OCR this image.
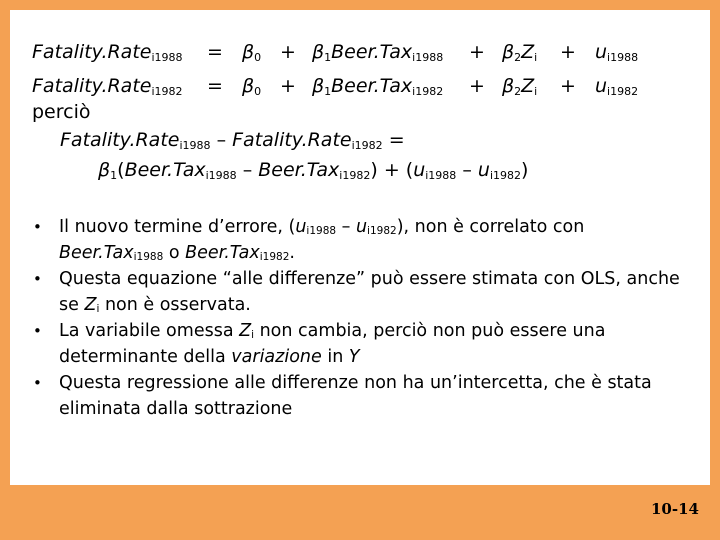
Fatality.Rate$_{i1988}$ = $\beta_0$ + $\beta_1Beer.Tax_{i1988} + \beta_2Z_i + u_{i1988}$
Fatality.Rate$_{i1982}$ = $\beta_0$ + $\beta_1Beer.Tax_{i1982} + \beta_2Z_i + u_{i1982}$
perciò
Fatality.Rate$_{i1988}$ – Fatality.Rate$_{i1982}$ =
$\beta_1(Beer.Tax_{i1988}$ – Beer.Tax$_{i1982}$) + $(u_{i1988} - u_{i1982})$
• Il nuovo termine d’errore, $(u_{i1988} - u_{i1982})$, non è correlato con Beer.Tax$_{i1988}$ o Beer.Tax$_{i1982}$.
• Questa equazione “alle differenze” può essere stimata con OLS, anche se $Z_i$ non è osservata.
• La variabile omessa $Z_i$ non cambia, perciò non può essere una determinante della variazione in Y
• Questa regressione alle differenze non ha un’intercetta, che è stata eliminata dalla sottrazione
10-14
